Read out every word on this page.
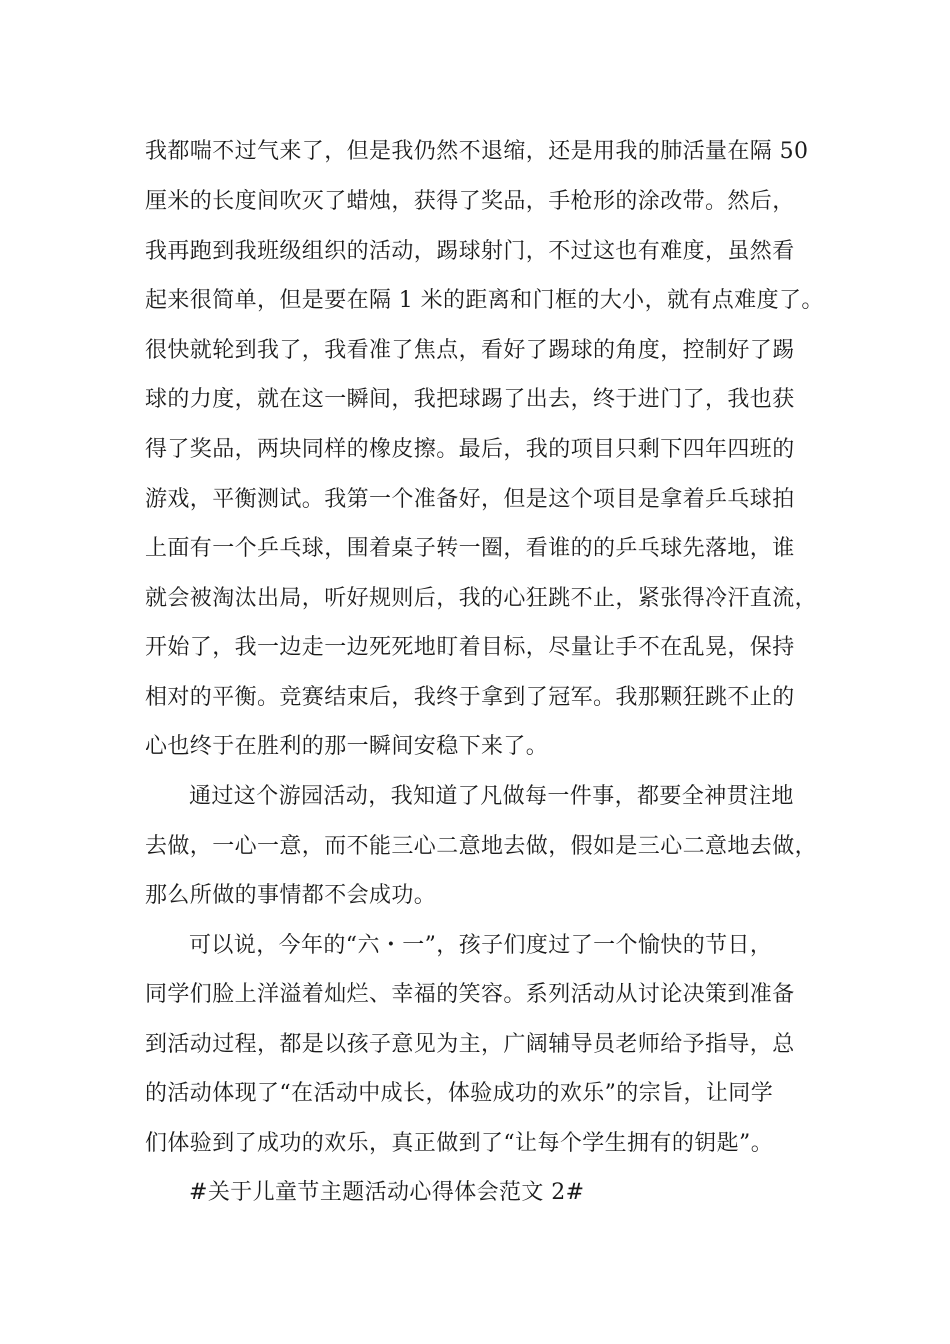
我都喘不过气来了，但是我仍然不退缩，还是用我的肺活量在隔 50
厘米的长度间吹灭了蜡烛，获得了奖品，手枪形的涂改带。然后，
我再跑到我班级组织的活动，踢球射门，不过这也有难度，虽然看
起来很简单，但是要在隔 1 米的距离和门框的大小，就有点难度了。
很快就轮到我了，我看准了焦点，看好了踢球的角度，控制好了踢
球的力度，就在这一瞬间，我把球踢了出去，终于进门了，我也获
得了奖品，两块同样的橡皮擦。最后，我的项目只剩下四年四班的
游戏，平衡测试。我第一个准备好，但是这个项目是拿着乒乓球拍
上面有一个乒乓球，围着桌子转一圈，看谁的的乒乓球先落地，谁
就会被淘汰出局，听好规则后，我的心狂跳不止，紧张得冷汗直流，
开始了，我一边走一边死死地盯着目标，尽量让手不在乱晃，保持
相对的平衡。竞赛结束后，我终于拿到了冠军。我那颗狂跳不止的
心也终于在胜利的那一瞬间安稳下来了。
通过这个游园活动，我知道了凡做每一件事，都要全神贯注地
去做，一心一意，而不能三心二意地去做，假如是三心二意地去做，
那么所做的事情都不会成功。
可以说，今年的“六・一”，孩子们度过了一个愉快的节日，
同学们脸上洋溢着灿烂、幸福的笑容。系列活动从讨论决策到准备
到活动过程，都是以孩子意见为主，广阔辅导员老师给予指导，总
的活动体现了“在活动中成长，体验成功的欢乐”的宗旨，让同学
们体验到了成功的欢乐，真正做到了“让每个学生拥有的钥匙”。
#关于儿童节主题活动心得体会范文 2#
